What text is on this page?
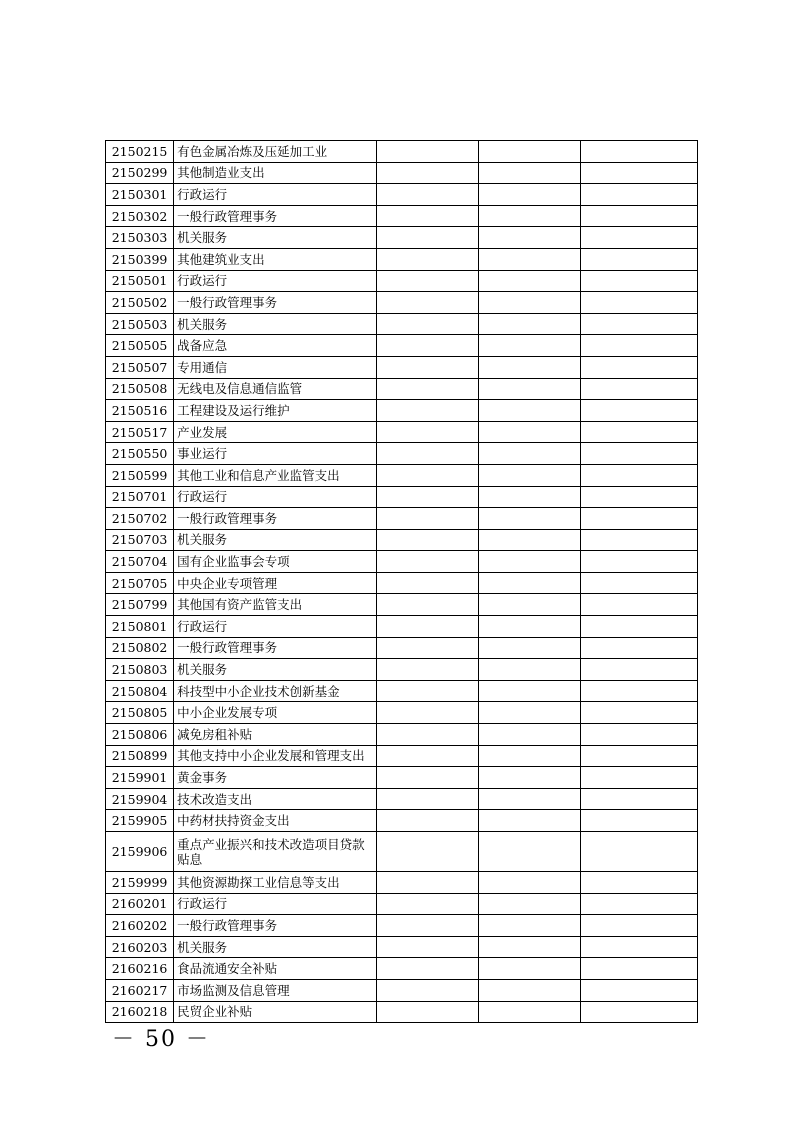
2150215	有色金属冶炼及压延加工业			
2150299	其他制造业支出			
2150301	行政运行			
2150302	一般行政管理事务			
2150303	机关服务			
2150399	其他建筑业支出			
2150501	行政运行			
2150502	一般行政管理事务			
2150503	机关服务			
2150505	战备应急			
2150507	专用通信			
2150508	无线电及信息通信监管			
2150516	工程建设及运行维护			
2150517	产业发展			
2150550	事业运行			
2150599	其他工业和信息产业监管支出			
2150701	行政运行			
2150702	一般行政管理事务			
2150703	机关服务			
2150704	国有企业监事会专项			
2150705	中央企业专项管理			
2150799	其他国有资产监管支出			
2150801	行政运行			
2150802	一般行政管理事务			
2150803	机关服务			
2150804	科技型中小企业技术创新基金			
2150805	中小企业发展专项			
2150806	减免房租补贴			
2150899	其他支持中小企业发展和管理支出			
2159901	黄金事务			
2159904	技术改造支出			
2159905	中药材扶持资金支出			
2159906	重点产业振兴和技术改造项目贷款贴息			
2159999	其他资源勘探工业信息等支出			
2160201	行政运行			
2160202	一般行政管理事务			
2160203	机关服务			
2160216	食品流通安全补贴			
2160217	市场监测及信息管理			
2160218	民贸企业补贴			
－ 50 －
